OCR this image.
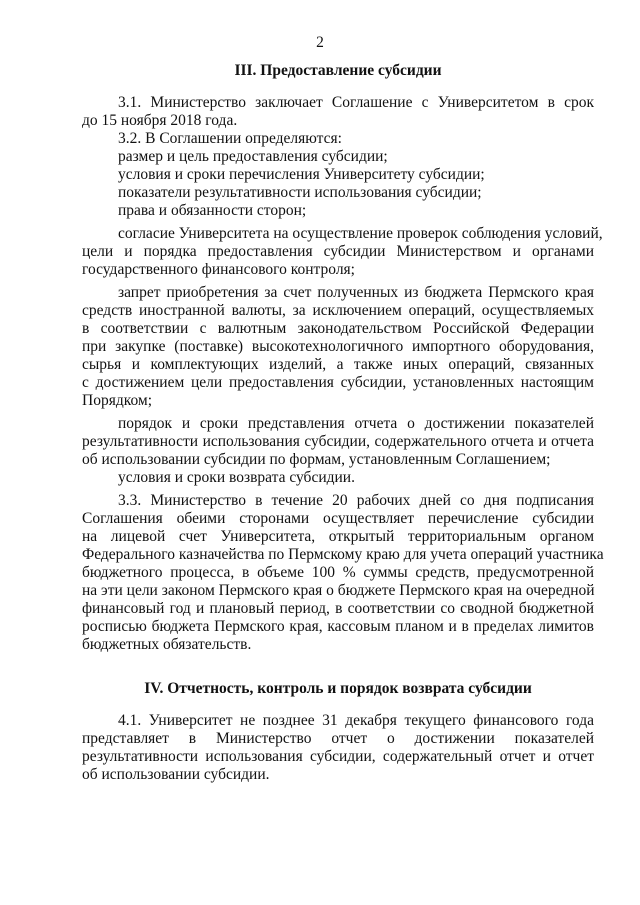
2
III. Предоставление субсидии
3.1. Министерство заключает Соглашение с Университетом в срок
до 15 ноября 2018 года.
3.2. В Соглашении определяются:
размер и цель предоставления субсидии;
условия и сроки перечисления Университету субсидии;
показатели результативности использования субсидии;
права и обязанности сторон;
согласие Университета на осуществление проверок соблюдения условий,
цели и порядка предоставления субсидии Министерством и органами
государственного финансового контроля;
запрет приобретения за счет полученных из бюджета Пермского края
средств иностранной валюты, за исключением операций, осуществляемых
в соответствии с валютным законодательством Российской Федерации
при закупке (поставке) высокотехнологичного импортного оборудования,
сырья и комплектующих изделий, а также иных операций, связанных
с достижением цели предоставления субсидии, установленных настоящим
Порядком;
порядок и сроки представления отчета о достижении показателей
результативности использования субсидии, содержательного отчета и отчета
об использовании субсидии по формам, установленным Соглашением;
условия и сроки возврата субсидии.
3.3. Министерство в течение 20 рабочих дней со дня подписания
Соглашения обеими сторонами осуществляет перечисление субсидии
на лицевой счет Университета, открытый территориальным органом
Федерального казначейства по Пермскому краю для учета операций участника
бюджетного процесса, в объеме 100 % суммы средств, предусмотренной
на эти цели законом Пермского края о бюджете Пермского края на очередной
финансовый год и плановый период, в соответствии со сводной бюджетной
росписью бюджета Пермского края, кассовым планом и в пределах лимитов
бюджетных обязательств.
IV. Отчетность, контроль и порядок возврата субсидии
4.1. Университет не позднее 31 декабря текущего финансового года
представляет в Министерство отчет о достижении показателей
результативности использования субсидии, содержательный отчет и отчет
об использовании субсидии.
